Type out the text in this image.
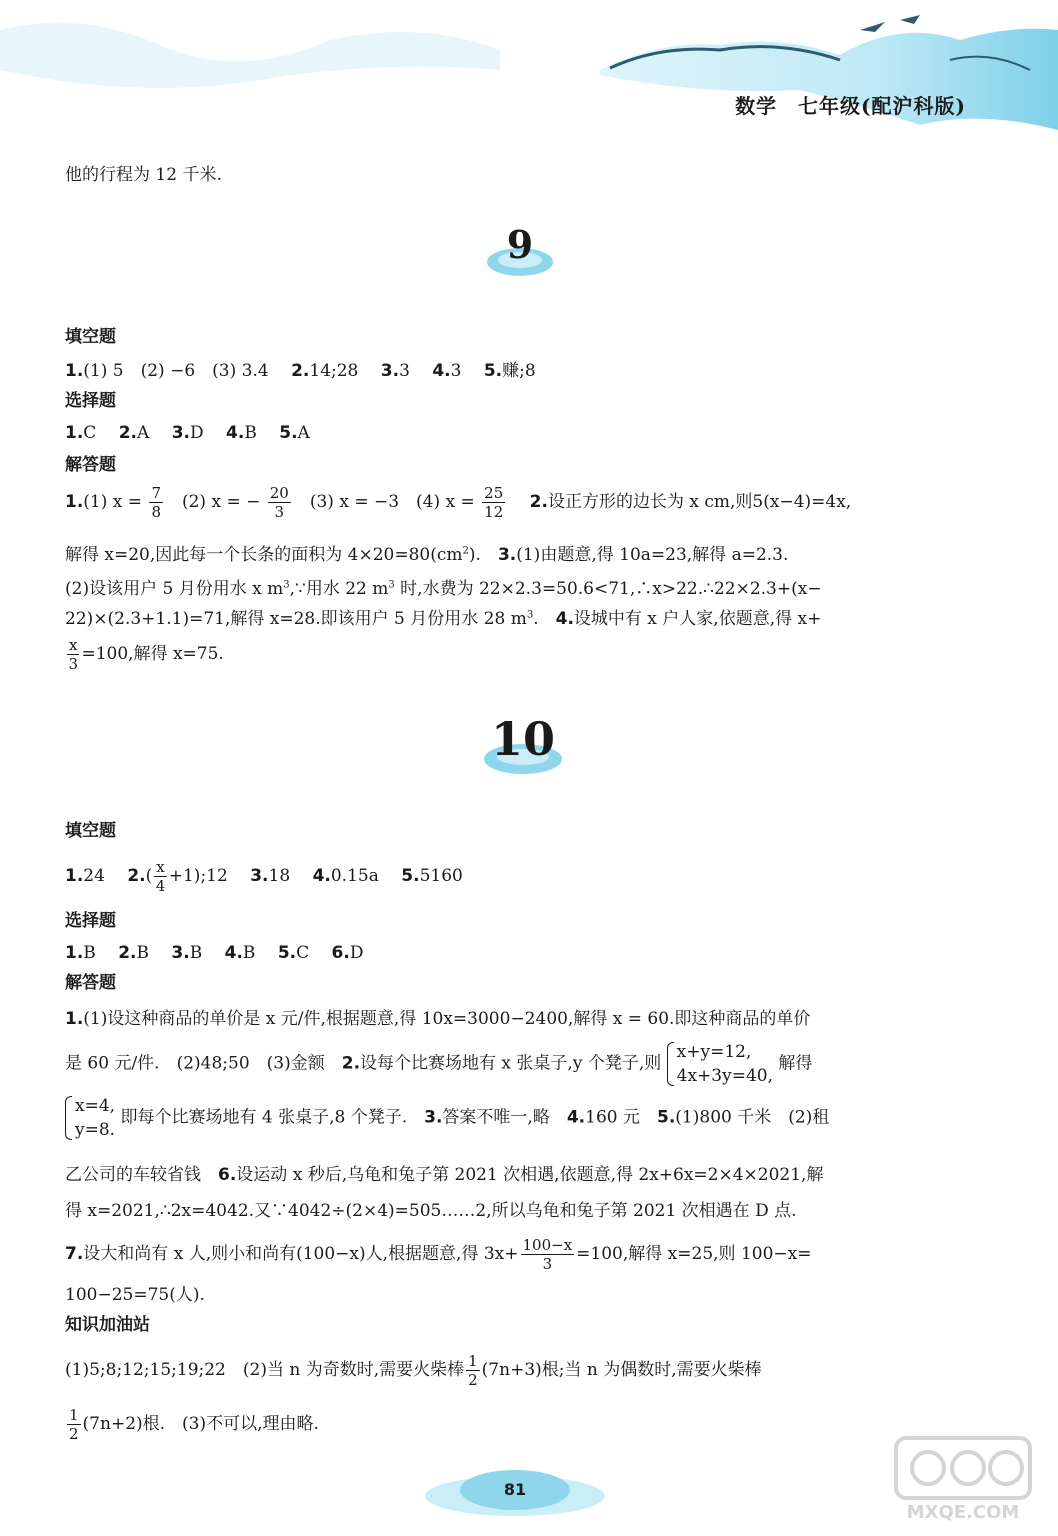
数学　七年级(配沪科版)
他的行程为 12 千米.
9
填空题
1.(1) 5　(2) −6　(3) 3.4　 2.14;28　 3.3　 4.3　 5.赚;8
选择题
1.C　 2.A　 3.D　 4.B　 5.A
解答题
1.(1) $x = \frac{7}{8}$ 　(2) x = − $\frac{20}{3}$ 　(3) x = −3　(4) $x = \frac{25}{12}$
　 2.设正方形的边长为 x cm,则5(x−4)=4x,
解得 x=20,因此每一个长条的面积为 $4\times 20=80(cm^2)$.　3.(1)由题意,得 10a=23,解得 a=2.3.
(2)设该用户 5 月份用水 x $m^3,\because$用水 22 $m^3$ 时,水费为 22×2.3=50.6<71,∴x>22.∴22×2.3+(x−
22)×(2.3+1.1)=71,解得 x=28.即该用户 5 月份用水 28 $m^3$.　4.设城中有 x 户人家,依题意,得 x+
$\frac{x}{3} =100$,解得 x=75.
10
填空题
1.24　 $2.( \frac{x}{4}$ +1);12　 3.18　 4.0.15a　 5.5160
选择题
1.B　 2.B　 3.B　 4.B　 5.C　 6.D
解答题
1.(1)设这种商品的单价是 x 元/件,根据题意,得 10x=3000−2400,解得 x = 60.即这种商品的单价
是 60 元/件.　(2)48;50　(3)金额　2.设每个比赛场地有 x 张桌子,y 个凳子,则
x+y=12,
4x+3y=40,
解得
x=4,
y=8.
即每个比赛场地有 4 张桌子,8 个凳子.　3.答案不唯一,略　4.160 元　5.(1)800 千米　(2)租
乙公司的车较省钱　6.设运动 x 秒后,乌龟和兔子第 2021 次相遇,依题意,得 2x+6x=2×4×2021,解
得 x=2021,∴2x=4042.又∵4042÷(2×4)=505……2,所以乌龟和兔子第 2021 次相遇在 D 点.
7.设大和尚有 x 人,则小和尚有(100−x)人,根据题意,得 $3x+ \frac{100-x}{3} =100$,解得 x=25,则 100−x=
100−25=75(人).
知识加油站
(1)5;8;12;15;19;22　(2)当 n 为奇数时,需要火柴棒 $\frac{1}{2} (7n+3)$根;当 n 为偶数时,需要火柴棒
$\frac{1}{2} (7n+2)$根.　(3)不可以,理由略.
81
MXQE.COM
